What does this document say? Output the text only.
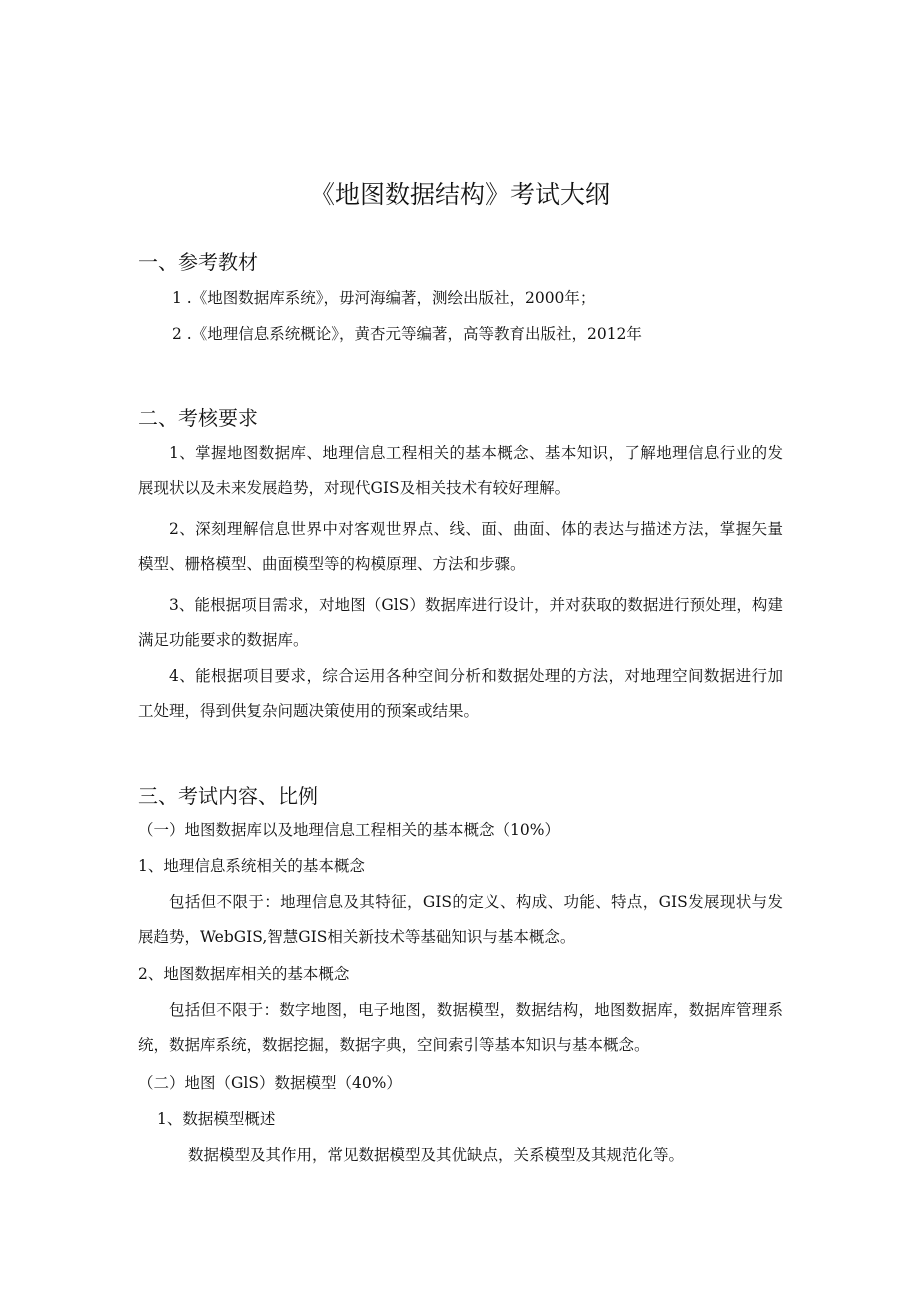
《地图数据结构》考试大纲
一、参考教材
1 .《地图数据库系统》，毋河海编著，测绘出版社，2000年；
2 .《地理信息系统概论》，黄杏元等编著，高等教育出版社，2012年
二、考核要求
1、掌握地图数据库、地理信息工程相关的基本概念、基本知识，了解地理信息行业的发展现状以及未来发展趋势，对现代GIS及相关技术有较好理解。
2、深刻理解信息世界中对客观世界点、线、面、曲面、体的表达与描述方法，掌握矢量模型、栅格模型、曲面模型等的构模原理、方法和步骤。
3、能根据项目需求，对地图（GlS）数据库进行设计，并对获取的数据进行预处理，构建满足功能要求的数据库。
4、能根据项目要求，综合运用各种空间分析和数据处理的方法，对地理空间数据进行加工处理，得到供复杂问题决策使用的预案或结果。
三、考试内容、比例
（一）地图数据库以及地理信息工程相关的基本概念（10%）
1、地理信息系统相关的基本概念
包括但不限于：地理信息及其特征，GIS的定义、构成、功能、特点，GIS发展现状与发展趋势，WebGIS,智慧GIS相关新技术等基础知识与基本概念。
2、地图数据库相关的基本概念
包括但不限于：数字地图，电子地图，数据模型，数据结构，地图数据库，数据库管理系统，数据库系统，数据挖掘，数据字典，空间索引等基本知识与基本概念。
（二）地图（GlS）数据模型（40%）
1、数据模型概述
数据模型及其作用，常见数据模型及其优缺点，关系模型及其规范化等。
